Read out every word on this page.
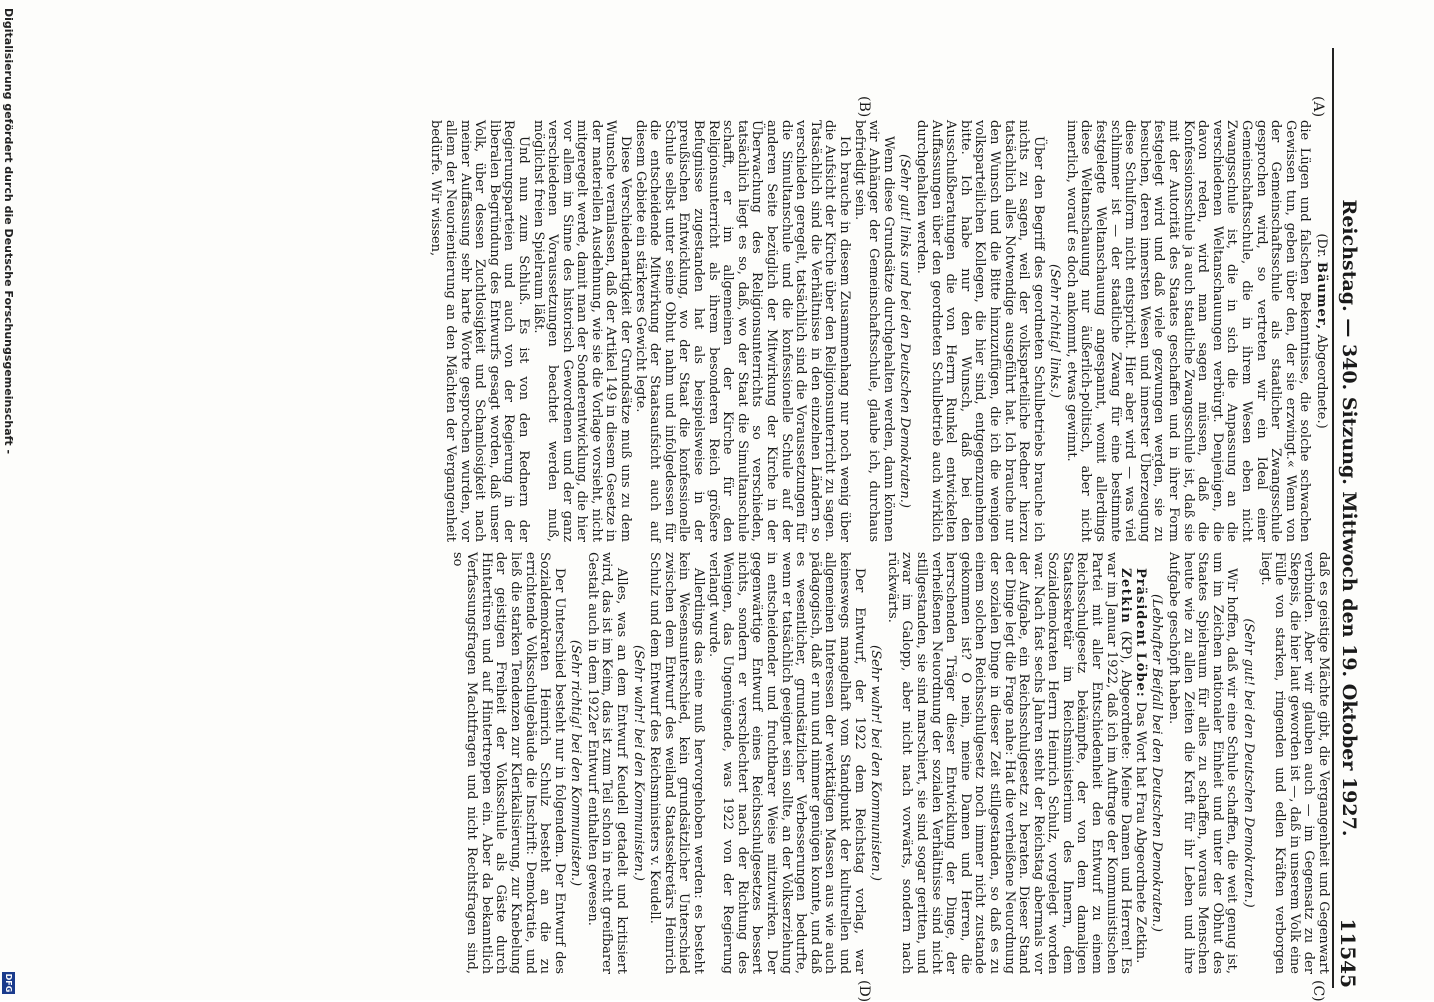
Reichstag. — 340. Sitzung. Mittwoch den 19. Oktober 1927.
11545
(A)
(B)
(C)
(D)

(Dr. Bäumer, Abgeordnete.)

die Lügen und falschen Bekenntnisse, die solche schwachen Gewissen tun, geben über den, der sie erzwingt.« Wenn von der Gemeinschaftsschule als staatlicher Zwangsschule gesprochen wird, so vertreten wir ein Ideal einer Gemeinschaftsschule, die in ihrem Wesen eben nicht Zwangsschule ist, die in sich die Anpassung an die verschiedenen Weltanschauungen verbürgt. Denjenigen, die davon reden, wird man sagen müssen, daß die Konfessionsschule ja auch staatliche Zwangsschule ist, daß sie mit der Autorität des Staates geschaffen und in ihrer Form festgelegt wird und daß viele gezwungen werden, sie zu besuchen, deren innersten Wesen und innerster Überzeugung diese Schulform nicht entspricht. Hier aber wird — was viel schlimmer ist — der staatliche Zwang für eine bestimmte festgelegte Weltanschauung angespannt, womit allerdings diese Weltanschauung nur äußerlich-politisch, aber nicht innerlich, worauf es doch ankommt, etwas gewinnt.

(Sehr richtig! links.)

Über den Begriff des geordneten Schulbetriebs brauche ich nichts zu sagen, weil der volksparteiliche Redner hierzu tatsächlich alles Notwendige ausgeführt hat. Ich brauche nur den Wunsch und die Bitte hinzuzufügen, die ich die wenigen volksparteilichen Kollegen, die hier sind, entgegenzunehmen bitte. Ich habe nur den Wunsch, daß bei den Ausschußberatungen die von Herrn Runkel entwickelten Auffassungen über den geordneten Schulbetrieb auch wirklich durchgehalten werden.

(Sehr gut! links und bei den Deutschen Demokraten.)

Wenn diese Grundsätze durchgehalten werden, dann können wir Anhänger der Gemeinschaftsschule, glaube ich, durchaus befriedigt sein.

Ich brauche in diesem Zusammenhang nur noch wenig über die Aufsicht der Kirche über den Religionsunterricht zu sagen. Tatsächlich sind die Verhältnisse in den einzelnen Ländern so verschieden geregelt, tatsächlich sind die Voraussetzungen für die Simultanschule und die konfessionelle Schule auf der anderen Seite bezüglich der Mitwirkung der Kirche in der Überwachung des Religionsunterrichts so verschieden, tatsächlich liegt es so, daß, wo der Staat die Simultanschule schafft, er im allgemeinen der Kirche für den Religionsunterricht als ihrem besonderen Reich größere Befugnisse zugestanden hat als beispielsweise in der preußischen Entwicklung, wo der Staat die konfessionelle Schule selbst unter seine Obhut nahm und infolgedessen für die entscheidende Mitwirkung der Staatsaufsicht auch auf diesem Gebiete ein stärkeres Gewicht legte.

Diese Verschiedenartigkeit der Grundsätze muß uns zu dem Wunsche veranlassen, daß der Artikel 149 in diesem Gesetze in der materiellen Ausdehnung, wie sie die Vorlage vorsieht, nicht mitgeregelt werde, damit man der Sonderentwicklung, die hier vor allem im Sinne des historisch Gewordenen und der ganz verschiedenen Voraussetzungen beachtet werden muß, möglichst freien Spielraum läßt.

Und nun zum Schluß. Es ist von den Rednern der Regierungsparteien und auch von der Regierung in der liberalen Begründung des Entwurfs gesagt worden, daß unser Volk, über dessen Zuchtlosigkeit und Schamlosigkeit nach meiner Auffassung sehr harte Worte gesprochen wurden, vor allem der Neuorientierung an den Mächten der Vergangenheit bedürfe. Wir wissen,

daß es geistige Mächte gibt, die Vergangenheit und Gegenwart verbinden. Aber wir glauben auch — im Gegensatz zu der Skepsis, die hier laut geworden ist —, daß in unserem Volk eine Fülle von starken, ringenden und edlen Kräften verborgen liegt.

(Sehr gut! bei den Deutschen Demokraten.)

Wir hoffen, daß wir eine Schule schaffen, die weit genug ist, um im Zeichen nationaler Einheit und unter der Obhut des Staates Spielraum für alles zu schaffen, woraus Menschen heute wie zu allen Zeiten die Kraft für ihr Leben und ihre Aufgabe geschöpft haben.

(Lebhafter Beifall bei den Deutschen Demokraten.)

Präsident Löbe: Das Wort hat Frau Abgeordnete Zetkin.

Zetkin (KP), Abgeordnete: Meine Damen und Herren! Es war im Januar 1922, daß ich im Auftrage der Kommunistischen Partei mit aller Entschiedenheit den Entwurf zu einem Reichsschulgesetz bekämpfte, der von dem damaligen Staatssekretär im Reichsministerium des Innern, dem Sozialdemokraten Herrn Heinrich Schulz, vorgelegt worden war. Nach fast sechs Jahren steht der Reichstag abermals vor der Aufgabe, ein Reichsschulgesetz zu beraten. Dieser Stand der Dinge legt die Frage nahe: Hat die verheißene Neuordnung der sozialen Dinge in dieser Zeit stillgestanden, so daß es zu einem solchen Reichsschulgesetz noch immer nicht zustande gekommen ist? O nein, meine Damen und Herren, die herrschenden Träger dieser Entwicklung der Dinge, der verheißenen Neuordnung der sozialen Verhältnisse sind nicht stillgestanden, sie sind marschiert, sie sind sogar geritten, und zwar im Galopp, aber nicht nach vorwärts, sondern nach rückwärts.

(Sehr wahr! bei den Kommunisten.)

Der Entwurf, der 1922 dem Reichstag vorlag, war keineswegs mangelhaft vom Standpunkt der kulturellen und allgemeinen Interessen der werktätigen Massen aus wie auch pädagogisch, daß er nun und nimmer genügen konnte, und daß es wesentlicher, grundsätzlicher Verbesserungen bedurfte, wenn er tatsächlich geeignet sein sollte, an der Volkserziehung in entscheidender und fruchtbarer Weise mitzuwirken. Der gegenwärtige Entwurf eines Reichsschulgesetzes bessert nichts, sondern er verschlechtert nach der Richtung des Wenigen, das Ungenügende, was 1922 von der Regierung verlangt wurde.

Allerdings das eine muß hervorgehoben werden: es besteht kein Wesensunterschied, kein grundsätzlicher Unterschied zwischen dem Entwurf des weiland Staatssekretärs Heinrich Schulz und dem Entwurf des Reichsministers v. Keudell.

(Sehr wahr! bei den Kommunisten.)

Alles, was an dem Entwurf Keudell getadelt und kritisiert wird, das ist im Keim, das ist zum Teil schon in recht greifbarer Gestalt auch in dem 1922er Entwurf enthalten gewesen.

(Sehr richtig! bei den Kommunisten.)

Der Unterschied besteht nur in folgendem. Der Entwurf des Sozialdemokraten Heinrich Schulz besteht an die zu errichtende Volksschulgebäude die Inschrift: Demokratie, und ließ die starken Tendenzen zur Klerikalisierung, zur Knebelung der geistigen Freiheit der Volksschule als Gäste durch Hintertüren und auf Hintertreppen ein. Aber da bekanntlich Verfassungsfragen Machtfragen und nicht Rechtsfragen sind, so

Digitalisierung gefördert durch die Deutsche Forschungsgemeinschaft -
DFG
